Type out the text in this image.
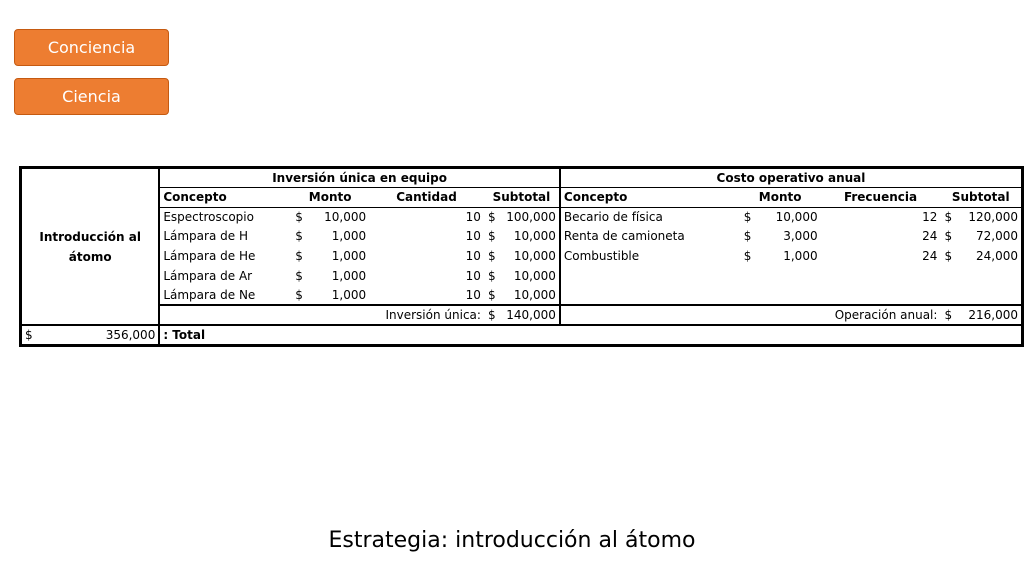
Conciencia
Ciencia
Introducción al
átomo	Inversión única en equipo						Costo operativo anual					
	Concepto	Monto		Cantidad	Subtotal		Concepto	Monto		Frecuencia	Subtotal	
	Espectroscopio	$	10,000	10	$	100,000	Becario de física	$	10,000	12	$	120,000
	Lámpara de H	$	1,000	10	$	10,000	Renta de camioneta	$	3,000	24	$	72,000
	Lámpara de He	$	1,000	10	$	10,000	Combustible	$	1,000	24	$	24,000
	Lámpara de Ar	$	1,000	10	$	10,000						
	Lámpara de Ne	$	1,000	10	$	10,000						
	Inversión única:				$	140,000	Operación anual:				$	216,000

$ 356,000	: Total											
Estrategia: introducción al átomo
